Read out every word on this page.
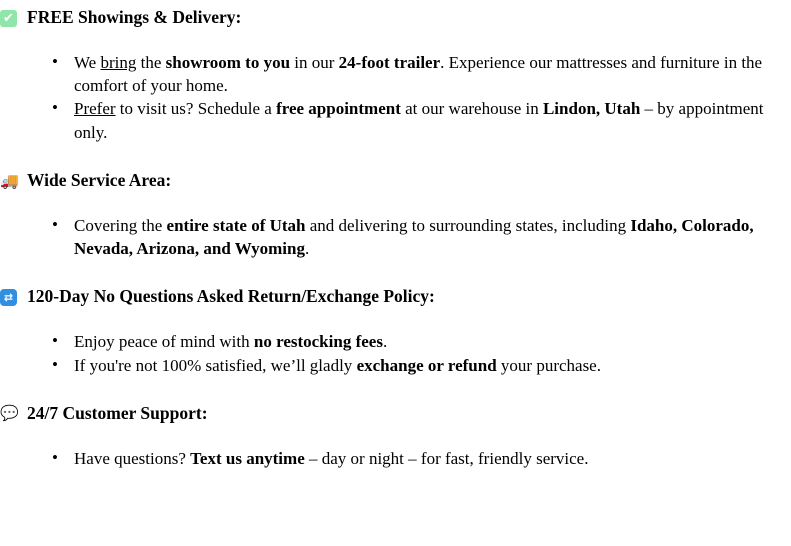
✔ FREE Showings & Delivery:
• We bring the showroom to you in our 24-foot trailer. Experience our mattresses and furniture in the comfort of your home.
• Prefer to visit us? Schedule a free appointment at our warehouse in Lindon, Utah – by appointment only.
🚚 Wide Service Area:
• Covering the entire state of Utah and delivering to surrounding states, including Idaho, Colorado, Nevada, Arizona, and Wyoming.
⇄ 120-Day No Questions Asked Return/Exchange Policy:
• Enjoy peace of mind with no restocking fees.
• If you're not 100% satisfied, we’ll gladly exchange or refund your purchase.
💬 24/7 Customer Support:
• Have questions? Text us anytime – day or night – for fast, friendly service.
